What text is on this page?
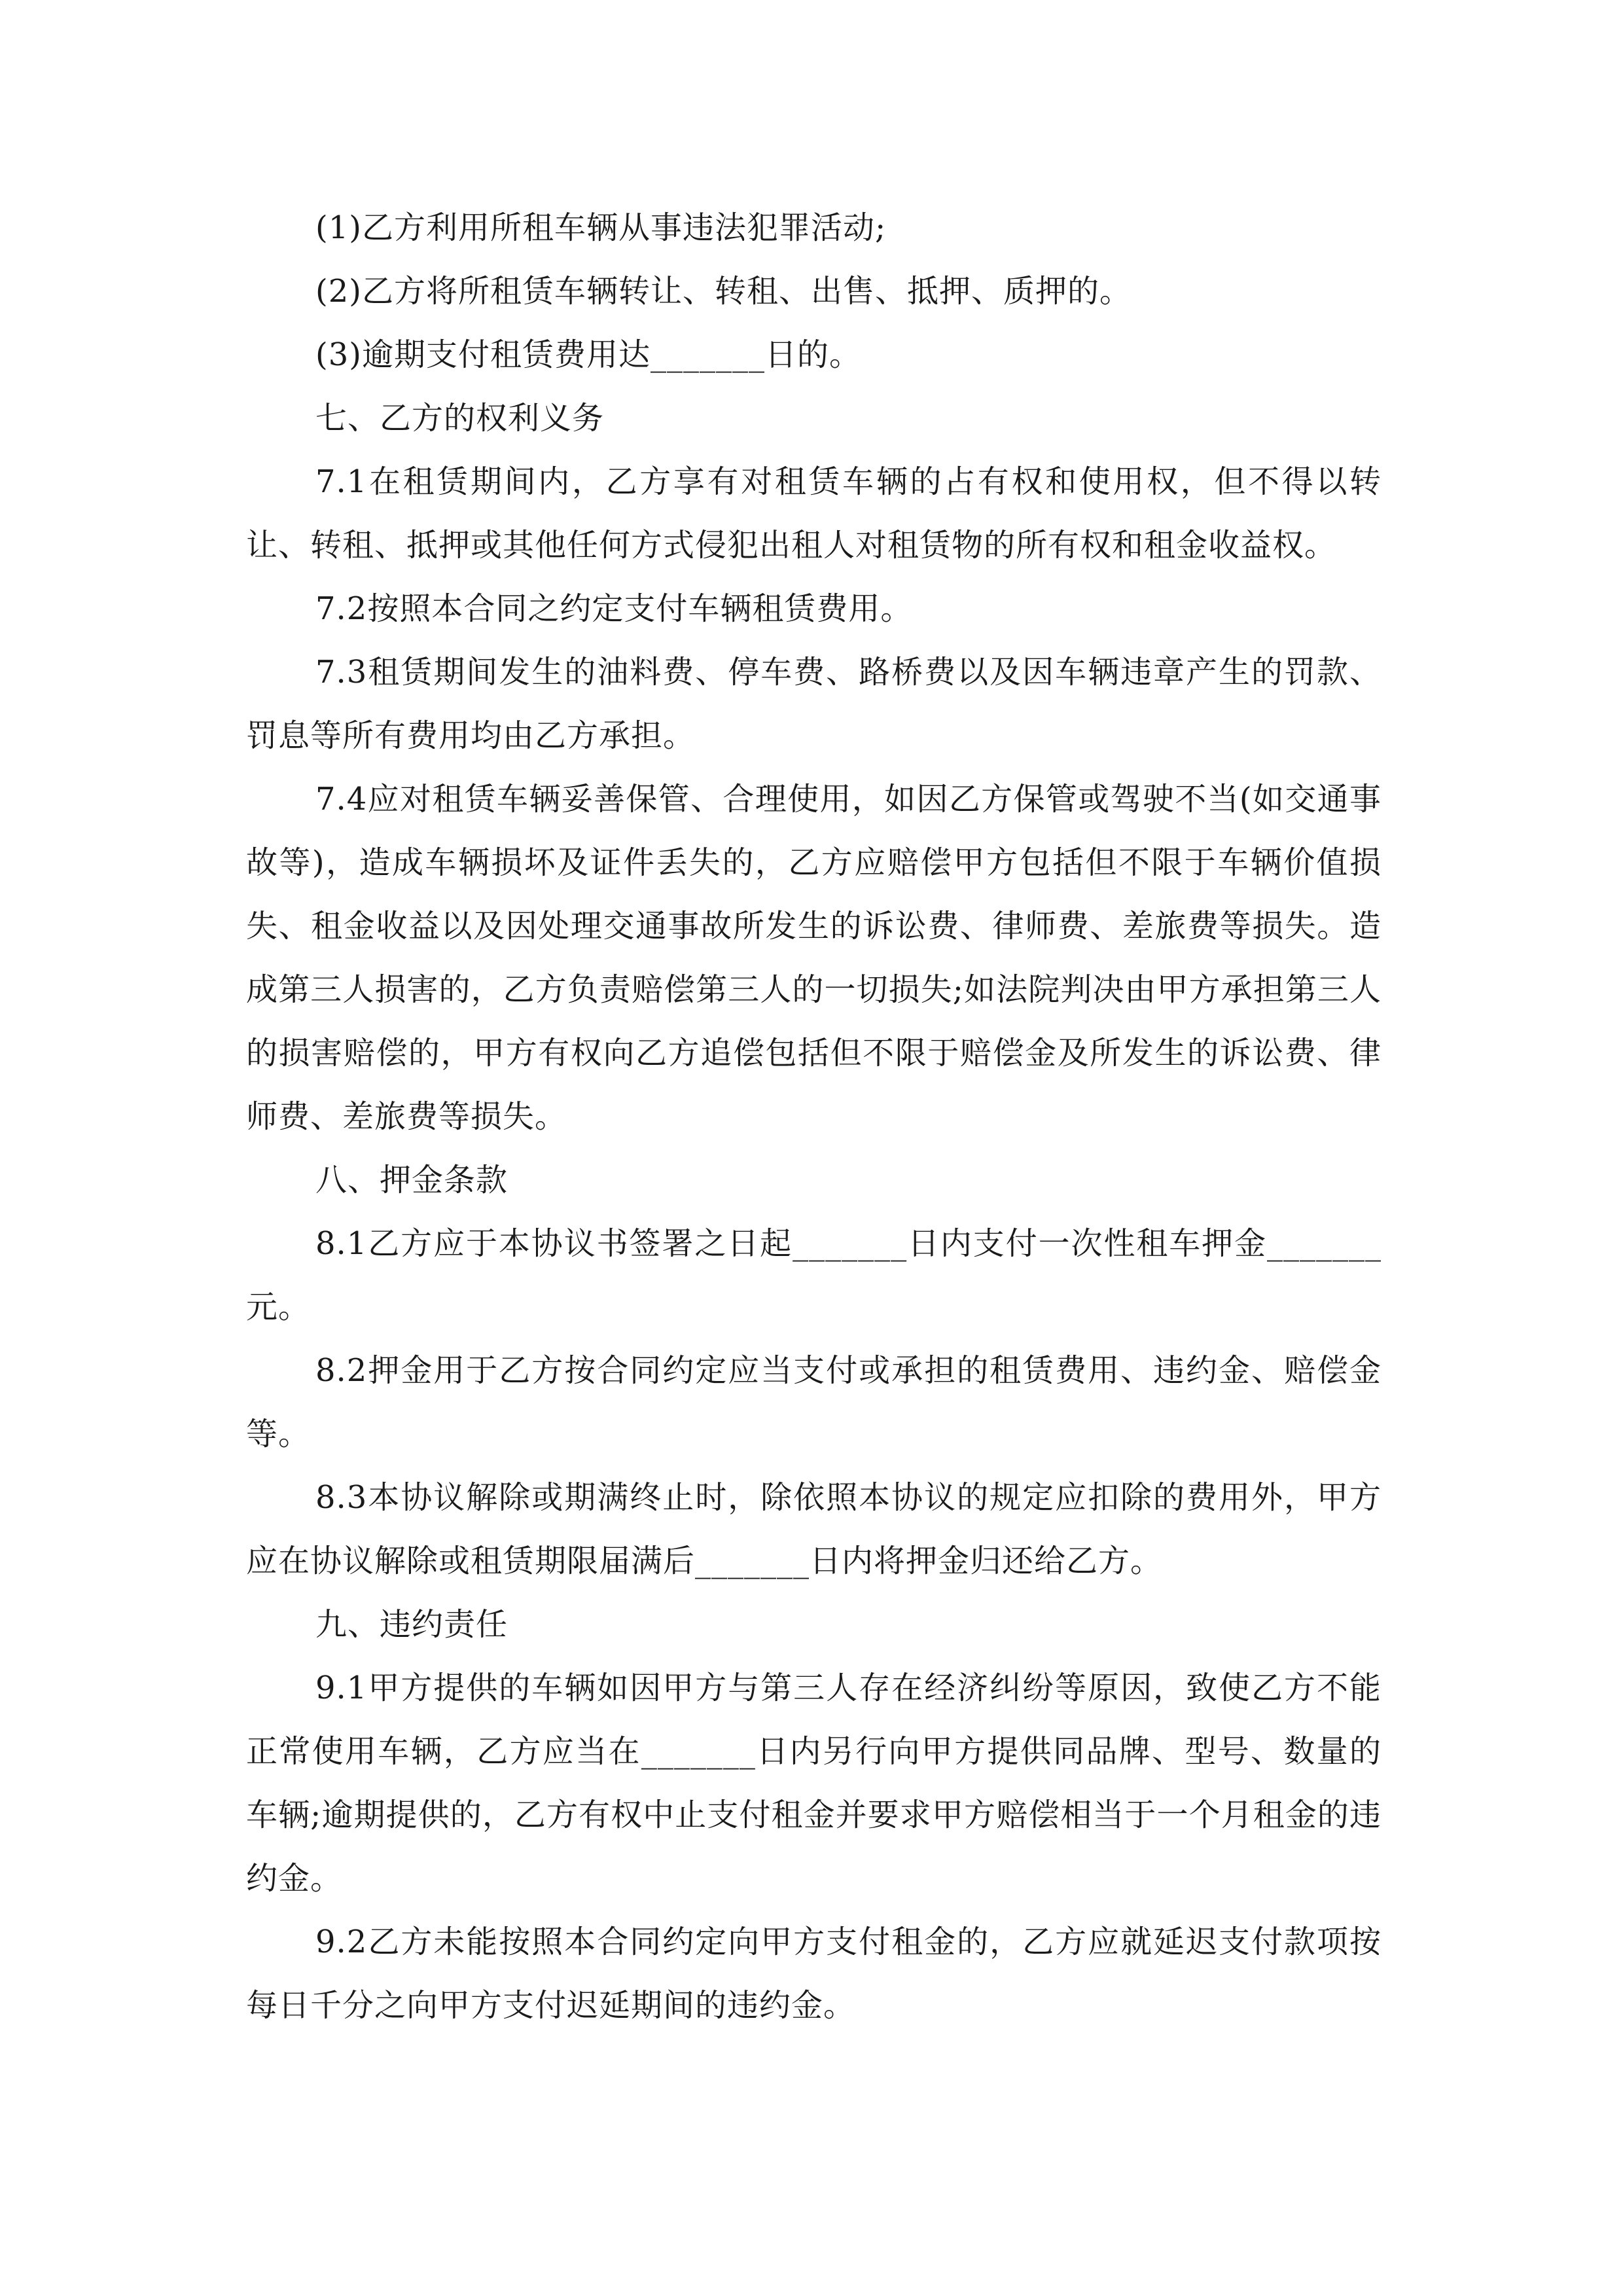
(1)乙方利用所租车辆从事违法犯罪活动;

(2)乙方将所租赁车辆转让、转租、出售、抵押、质押的。

(3)逾期支付租赁费用达_______日的。

七、乙方的权利义务

7.1在租赁期间内，乙方享有对租赁车辆的占有权和使用权，但不得以转让、转租、抵押或其他任何方式侵犯出租人对租赁物的所有权和租金收益权。

7.2按照本合同之约定支付车辆租赁费用。

7.3租赁期间发生的油料费、停车费、路桥费以及因车辆违章产生的罚款、罚息等所有费用均由乙方承担。

7.4应对租赁车辆妥善保管、合理使用，如因乙方保管或驾驶不当(如交通事故等)，造成车辆损坏及证件丢失的，乙方应赔偿甲方包括但不限于车辆价值损失、租金收益以及因处理交通事故所发生的诉讼费、律师费、差旅费等损失。造成第三人损害的，乙方负责赔偿第三人的一切损失;如法院判决由甲方承担第三人的损害赔偿的，甲方有权向乙方追偿包括但不限于赔偿金及所发生的诉讼费、律师费、差旅费等损失。

八、押金条款

8.1乙方应于本协议书签署之日起_______日内支付一次性租车押金_______元。

8.2押金用于乙方按合同约定应当支付或承担的租赁费用、违约金、赔偿金等。

8.3本协议解除或期满终止时，除依照本协议的规定应扣除的费用外，甲方应在协议解除或租赁期限届满后_______日内将押金归还给乙方。

九、违约责任

9.1甲方提供的车辆如因甲方与第三人存在经济纠纷等原因，致使乙方不能正常使用车辆，乙方应当在_______日内另行向甲方提供同品牌、型号、数量的车辆;逾期提供的，乙方有权中止支付租金并要求甲方赔偿相当于一个月租金的违约金。

9.2乙方未能按照本合同约定向甲方支付租金的，乙方应就延迟支付款项按每日千分之向甲方支付迟延期间的违约金。
